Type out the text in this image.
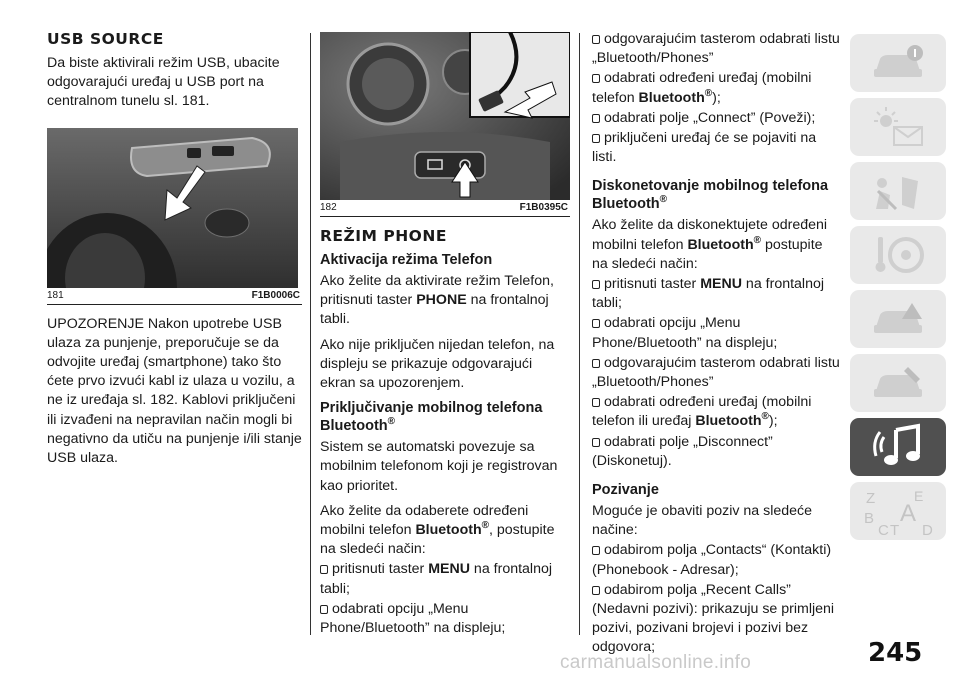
USB SOURCE

Da biste aktivirali režim USB, ubacite odgovarajući uređaj u USB port na centralnom tunelu sl. 181.

181	F1B0006C

UPOZORENJE Nakon upotrebe USB ulaza za punjenje, preporučuje se da odvojite uređaj (smartphone) tako što ćete prvo izvući kabl iz ulaza u vozilu, a ne iz uređaja sl. 182. Kablovi priključeni ili izvađeni na nepravilan način mogli bi negativno da utiču na punjenje i/ili stanje USB ulaza.

182	F1B0395C
REŽIM PHONE
Aktivacija režima Telefon

Ako želite da aktivirate režim Telefon, pritisnuti taster PHONE na frontalnoj tabli.

Ako nije priključen nijedan telefon, na displeju se prikazuje odgovarajući ekran sa upozorenjem.

Priključivanje mobilnog telefona
Bluetooth®

Sistem se automatski povezuje sa mobilnim telefonom koji je registrovan kao prioritet.

Ako želite da odaberete određeni mobilni telefon Bluetooth®, postupite na sledeći način:

pritisnuti taster MENU na frontalnoj tabli;
odabrati opciju „Menu Phone/Bluetooth” na displeju;
odgovarajućim tasterom odabrati listu „Bluetooth/Phones”
odabrati određeni uređaj (mobilni telefon Bluetooth®);
odabrati polje „Connect” (Poveži);
priključeni uređaj će se pojaviti na listi.
Diskonetovanje mobilnog telefona
Bluetooth®

Ako želite da diskonektujete određeni mobilni telefon Bluetooth® postupite na sledeći način:

pritisnuti taster MENU na frontalnoj tabli;
odabrati opciju „Menu Phone/Bluetooth” na displeju;
odgovarajućim tasterom odabrati listu „Bluetooth/Phones”
odabrati određeni uređaj (mobilni telefon ili uređaj Bluetooth®);
odabrati polje „Disconnect” (Diskonetuj).
Pozivanje

Moguće je obaviti poziv na sledeće načine:

odabirom polja „Contacts“ (Kontakti) (Phonebook - Adresar);
odabirom polja „Recent Calls” (Nedavni pozivi): prikazuju se primljeni pozivi, pozivani brojevi i pozivi bez odgovora;
Z	E
B A
C T D
245
carmanualsonline.info
